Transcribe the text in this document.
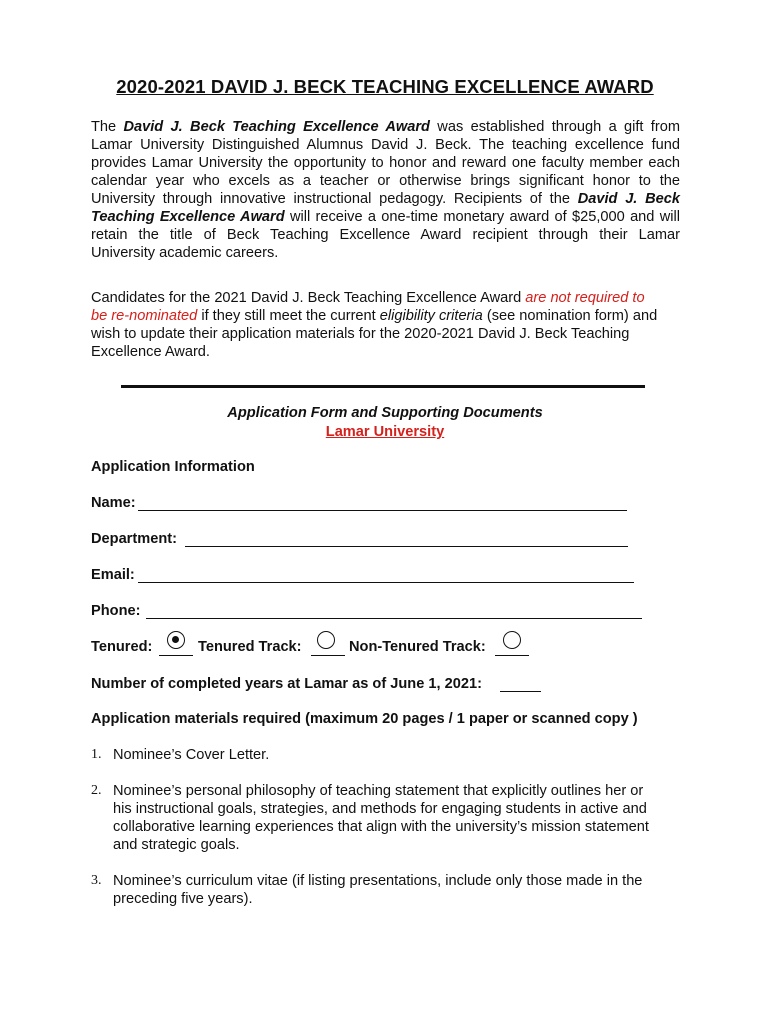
2020-2021 DAVID J. BECK TEACHING EXCELLENCE AWARD
The David J. Beck Teaching Excellence Award was established through a gift from
Lamar University Distinguished Alumnus David J. Beck. The teaching excellence fund
provides Lamar University the opportunity to honor and reward one faculty member each
calendar year who excels as a teacher or otherwise brings significant honor to the
University through innovative instructional pedagogy. Recipients of the David J. Beck
Teaching Excellence Award will receive a one-time monetary award of $25,000 and will
retain the title of Beck Teaching Excellence Award recipient through their Lamar
University academic careers.
Candidates for the 2021 David J. Beck Teaching Excellence Award are not required to
be re-nominated if they still meet the current eligibility criteria (see nomination form) and
wish to update their application materials for the 2020-2021 David J. Beck Teaching
Excellence Award.
Application Form and Supporting Documents
Lamar University
Application Information
Name:
Department:
Email:
Phone:
Tenured:	Tenured Track:	Non-Tenured Track:
Number of completed years at Lamar as of June 1, 2021:
Application materials required (maximum 20 pages / 1 paper or scanned copy )
1. Nominee’s Cover Letter.
2. Nominee’s personal philosophy of teaching statement that explicitly outlines her or
his instructional goals, strategies, and methods for engaging students in active and
collaborative learning experiences that align with the university’s mission statement
and strategic goals.
3. Nominee’s curriculum vitae (if listing presentations, include only those made in the
preceding five years).
